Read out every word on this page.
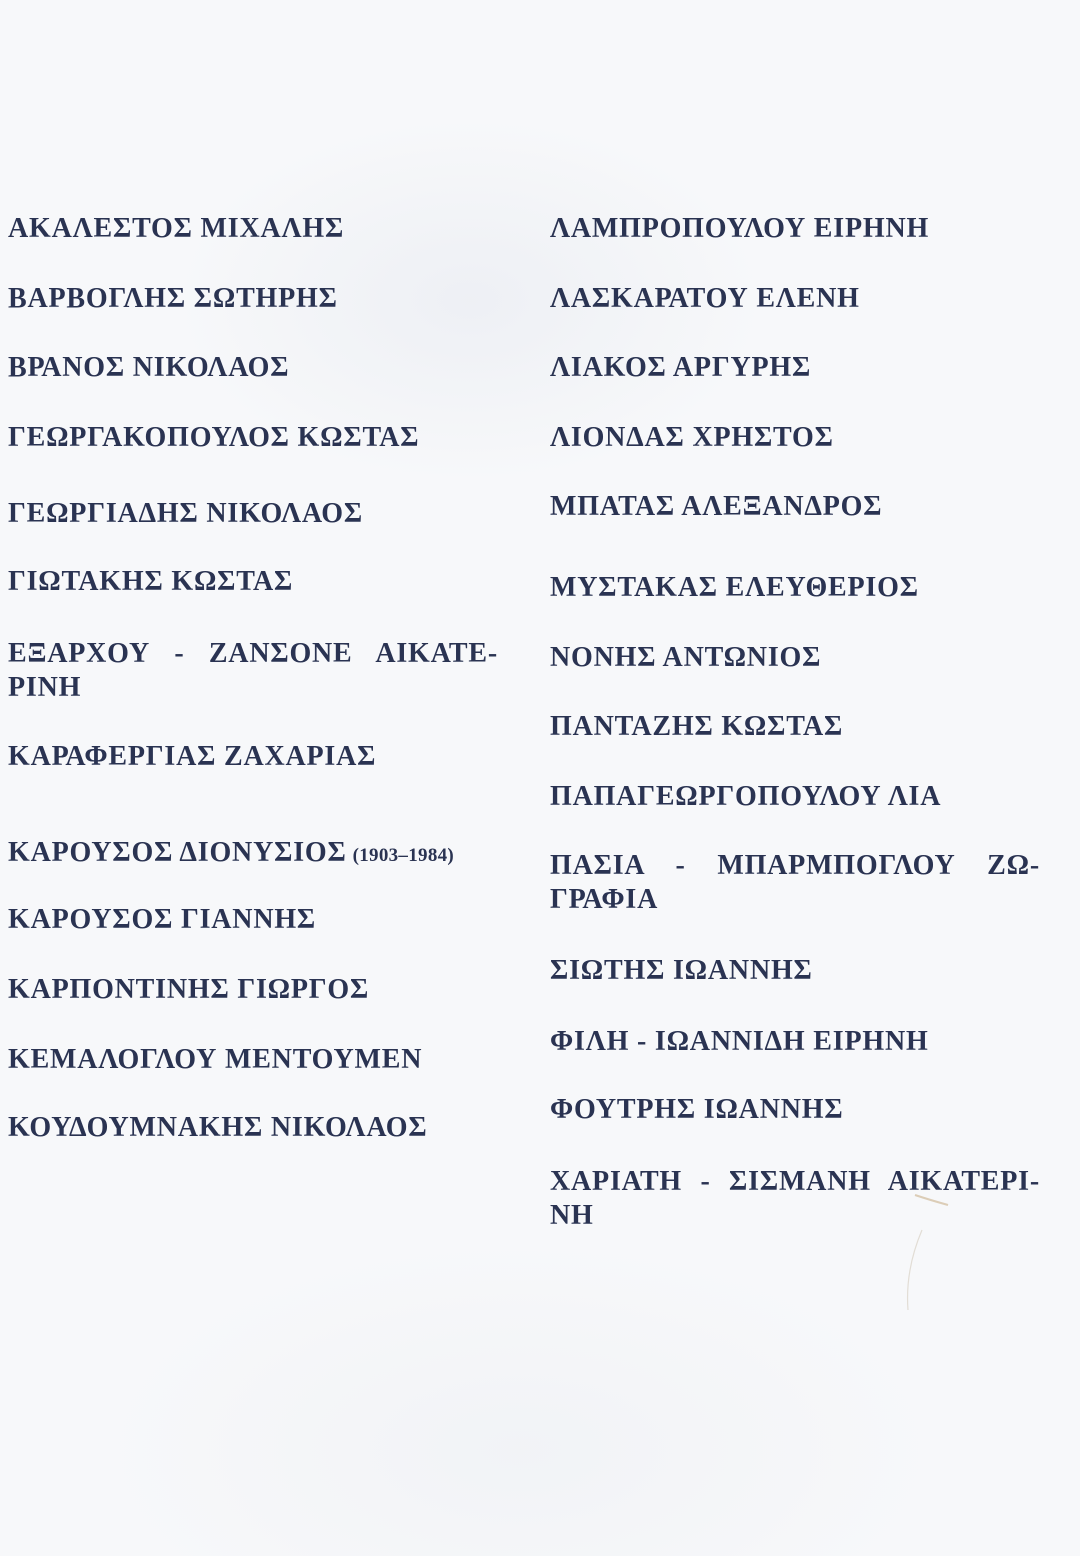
ΑΚΑΛΕΣΤΟΣ ΜΙΧΑΛΗΣ
ΒΑΡΒΟΓΛΗΣ ΣΩΤΗΡΗΣ
ΒΡΑΝΟΣ ΝΙΚΟΛΑΟΣ
ΓΕΩΡΓΑΚΟΠΟΥΛΟΣ ΚΩΣΤΑΣ
ΓΕΩΡΓΙΑΔΗΣ ΝΙΚΟΛΑΟΣ
ΓΙΩΤΑΚΗΣ ΚΩΣΤΑΣ
ΕΞΑΡΧΟΥ - ΖΑΝΣΟΝΕ ΑΙΚΑΤΕ-
ΡΙΝΗ
ΚΑΡΑΦΕΡΓΙΑΣ ΖΑΧΑΡΙΑΣ
ΚΑΡΟΥΣΟΣ ΔΙΟΝΥΣΙΟΣ (1903–1984)
ΚΑΡΟΥΣΟΣ ΓΙΑΝΝΗΣ
ΚΑΡΠΟΝΤΙΝΗΣ ΓΙΩΡΓΟΣ
ΚΕΜΑΛΟΓΛΟΥ ΜΕΝΤΟΥΜΕΝ
ΚΟΥΔΟΥΜΝΑΚΗΣ ΝΙΚΟΛΑΟΣ
ΛΑΜΠΡΟΠΟΥΛΟΥ ΕΙΡΗΝΗ
ΛΑΣΚΑΡΑΤΟΥ ΕΛΕΝΗ
ΛΙΑΚΟΣ ΑΡΓΥΡΗΣ
ΛΙΟΝΔΑΣ ΧΡΗΣΤΟΣ
ΜΠΑΤΑΣ ΑΛΕΞΑΝΔΡΟΣ
ΜΥΣΤΑΚΑΣ ΕΛΕΥΘΕΡΙΟΣ
ΝΟΝΗΣ ΑΝΤΩΝΙΟΣ
ΠΑΝΤΑΖΗΣ ΚΩΣΤΑΣ
ΠΑΠΑΓΕΩΡΓΟΠΟΥΛΟΥ ΛΙΑ
ΠΑΣΙΑ - ΜΠΑΡΜΠΟΓΛΟΥ ΖΩ-
ΓΡΑΦΙΑ
ΣΙΩΤΗΣ ΙΩΑΝΝΗΣ
ΦΙΛΗ - ΙΩΑΝΝΙΔΗ ΕΙΡΗΝΗ
ΦΟΥΤΡΗΣ ΙΩΑΝΝΗΣ
ΧΑΡΙΑΤΗ - ΣΙΣΜΑΝΗ ΑΙΚΑΤΕΡΙ-
ΝΗ
